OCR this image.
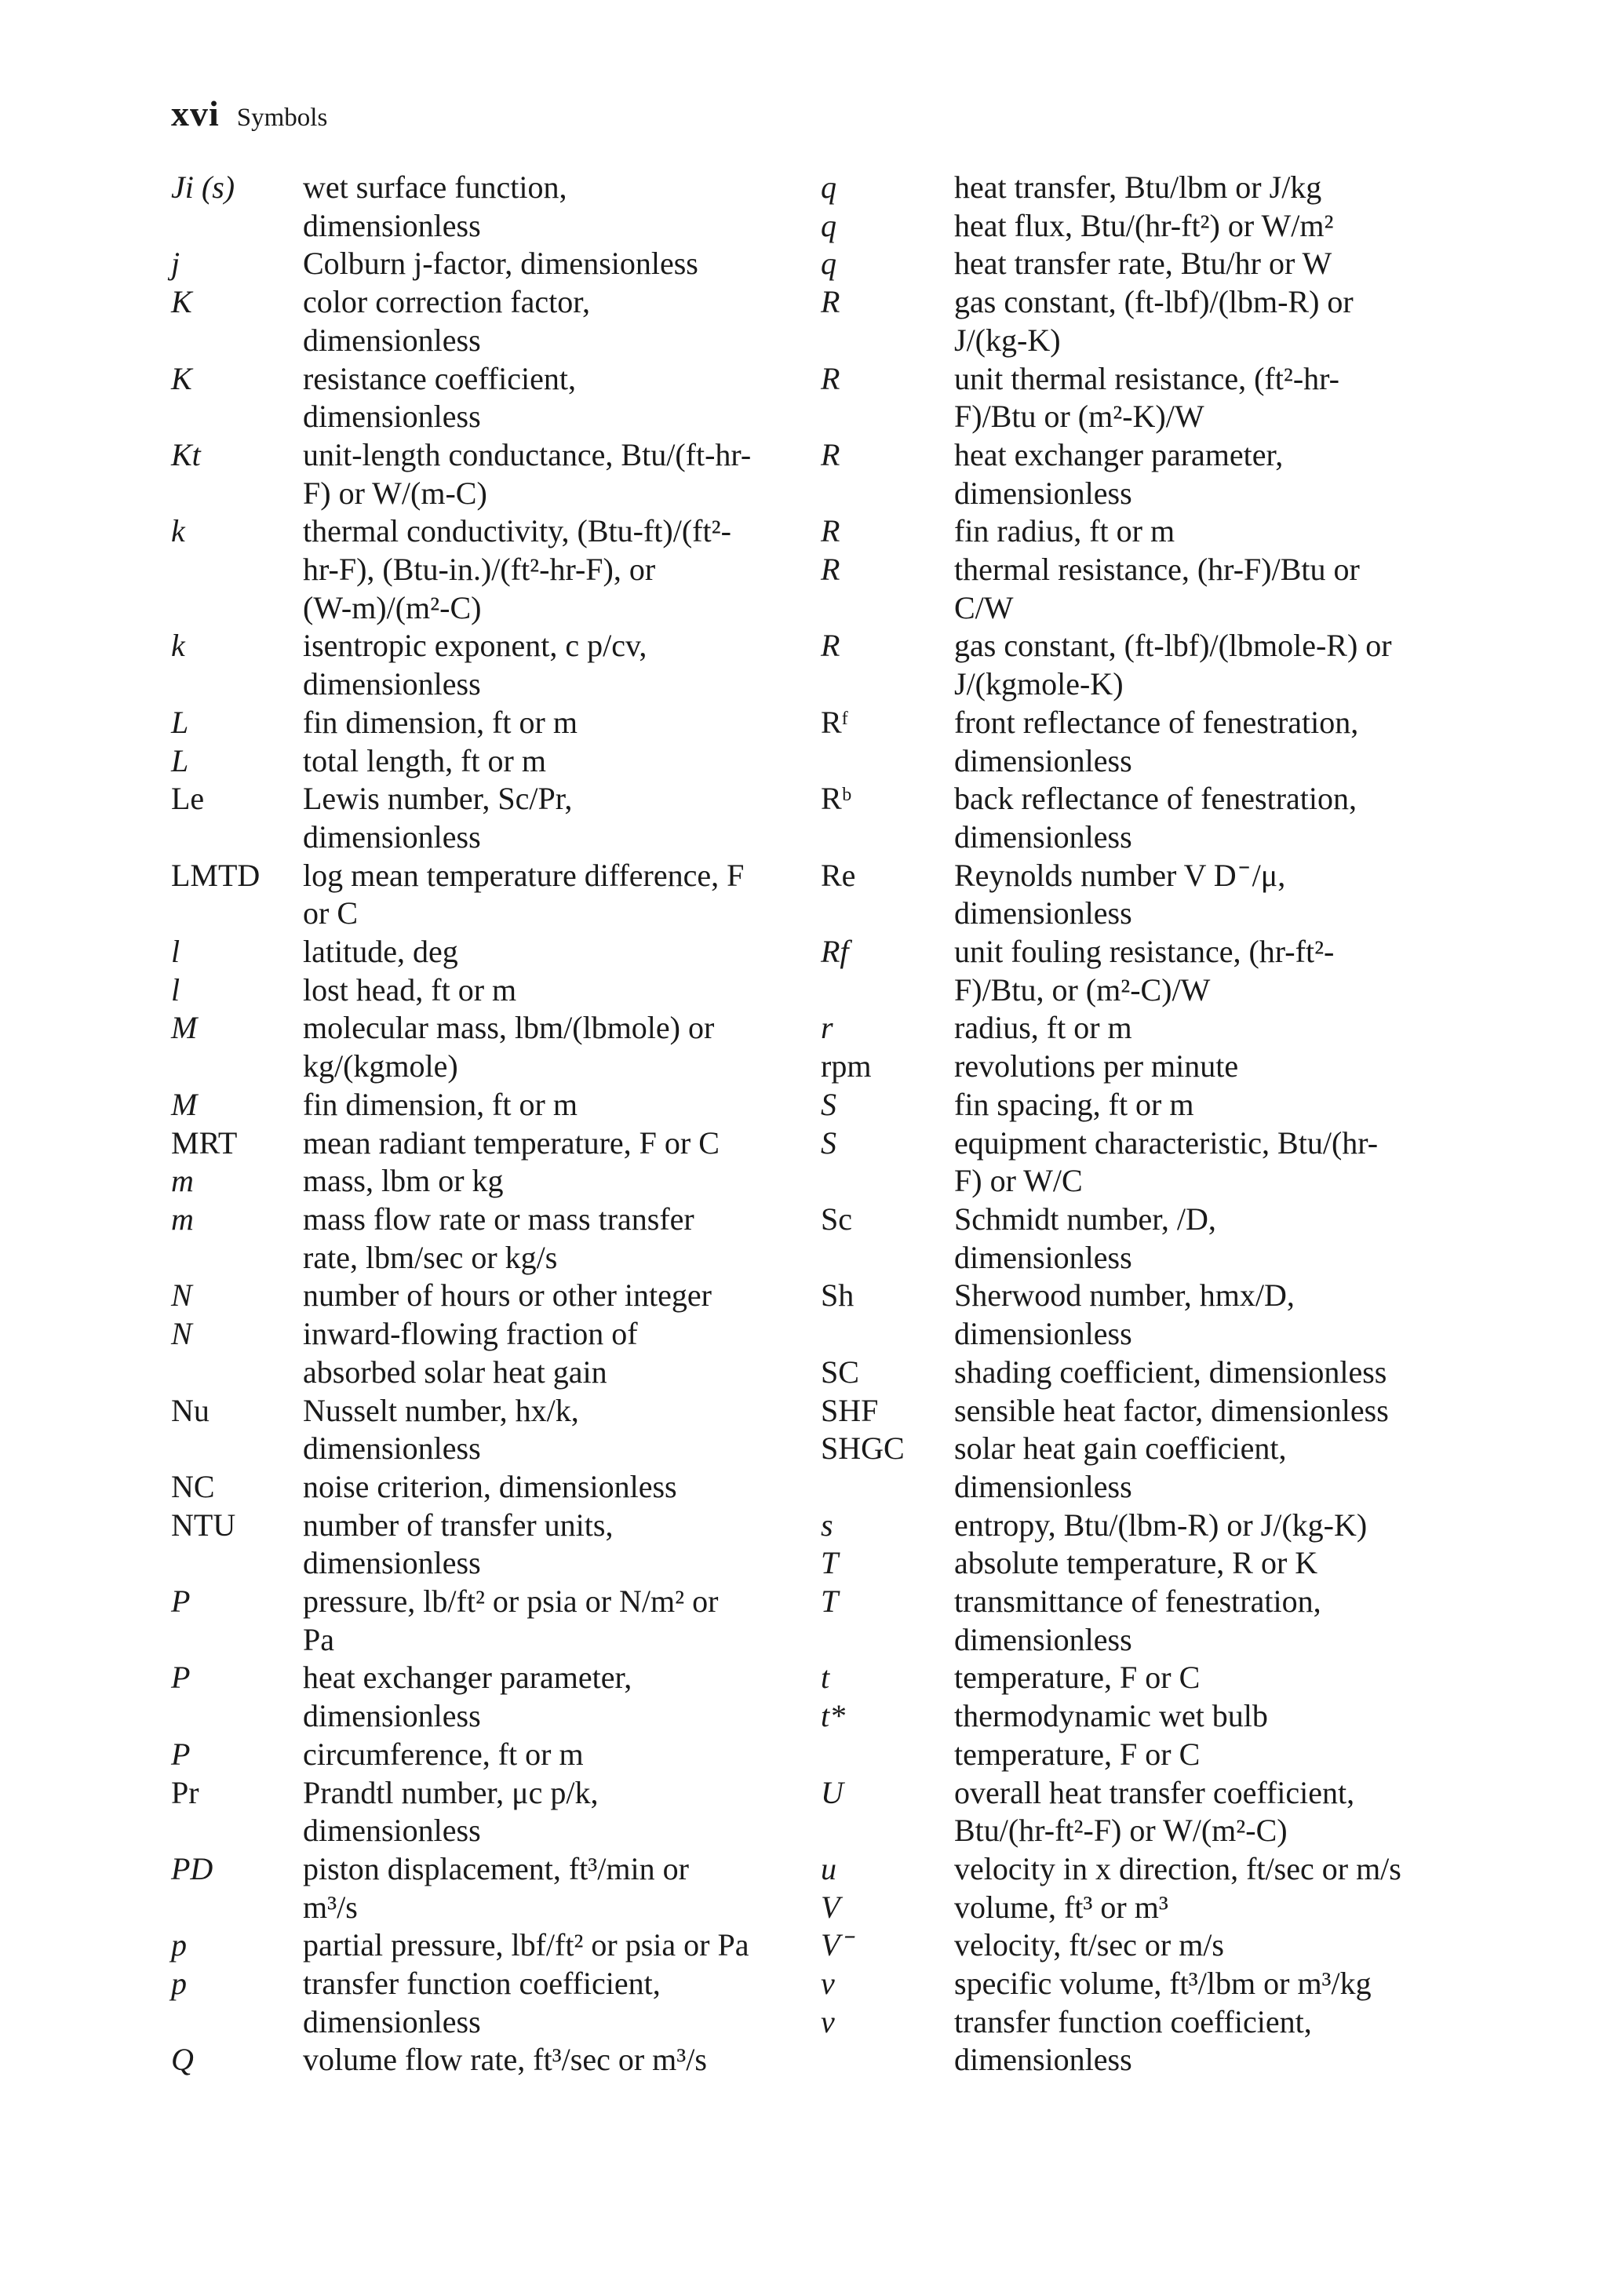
xvi Symbols
Ji (s)	wet surface function,
dimensionless
j	Colburn j-factor, dimensionless
K	color correction factor,
dimensionless
K	resistance coefficient,
dimensionless
Kt	unit-length conductance, Btu/(ft-hr-
F) or W/(m-C)
k	thermal conductivity, (Btu-ft)/(ft²-
hr-F), (Btu-in.)/(ft²-hr-F), or
(W-m)/(m²-C)
k	isentropic exponent, c p/cv,
dimensionless
L	fin dimension, ft or m
L	total length, ft or m
Le	Lewis number, Sc/Pr,
dimensionless
LMTD	log mean temperature difference, F
or C
l	latitude, deg
l	lost head, ft or m
M	molecular mass, lbm/(lbmole) or
kg/(kgmole)
M	fin dimension, ft or m
MRT	mean radiant temperature, F or C
m	mass, lbm or kg
m	mass flow rate or mass transfer
rate, lbm/sec or kg/s
N	number of hours or other integer
N	inward-flowing fraction of
absorbed solar heat gain
Nu	Nusselt number, hx/k,
dimensionless
NC	noise criterion, dimensionless
NTU	number of transfer units,
dimensionless
P	pressure, lb/ft² or psia or N/m² or
Pa
P	heat exchanger parameter,
dimensionless
P	circumference, ft or m
Pr	Prandtl number, μc p/k,
dimensionless
PD	piston displacement, ft³/min or
m³/s
p	partial pressure, lbf/ft² or psia or Pa
p	transfer function coefficient,
dimensionless
Q	volume flow rate, ft³/sec or m³/s
q	heat transfer, Btu/lbm or J/kg
q	heat flux, Btu/(hr-ft²) or W/m²
q	heat transfer rate, Btu/hr or W
R	gas constant, (ft-lbf)/(lbm-R) or
J/(kg-K)
R	unit thermal resistance, (ft²-hr-
F)/Btu or (m²-K)/W
R	heat exchanger parameter,
dimensionless
R	fin radius, ft or m
R	thermal resistance, (hr-F)/Btu or
C/W
R	gas constant, (ft-lbf)/(lbmole-R) or
J/(kgmole-K)
Rᶠ	front reflectance of fenestration,
dimensionless
Rᵇ	back reflectance of fenestration,
dimensionless
Re	Reynolds number V D ̄ /μ,
dimensionless
Rf	unit fouling resistance, (hr-ft²-
F)/Btu, or (m²-C)/W
r	radius, ft or m
rpm	revolutions per minute
S	fin spacing, ft or m
S	equipment characteristic, Btu/(hr-
F) or W/C
Sc	Schmidt number, /D,
dimensionless
Sh	Sherwood number, hmx/D,
dimensionless
SC	shading coefficient, dimensionless
SHF	sensible heat factor, dimensionless
SHGC	solar heat gain coefficient,
dimensionless
s	entropy, Btu/(lbm-R) or J/(kg-K)
T	absolute temperature, R or K
T	transmittance of fenestration,
dimensionless
t	temperature, F or C
t*	thermodynamic wet bulb
temperature, F or C
U	overall heat transfer coefficient,
Btu/(hr-ft²-F) or W/(m²-C)
u	velocity in x direction, ft/sec or m/s
V	volume, ft³ or m³
V ̄	velocity, ft/sec or m/s
v	specific volume, ft³/lbm or m³/kg
v	transfer function coefficient,
dimensionless
